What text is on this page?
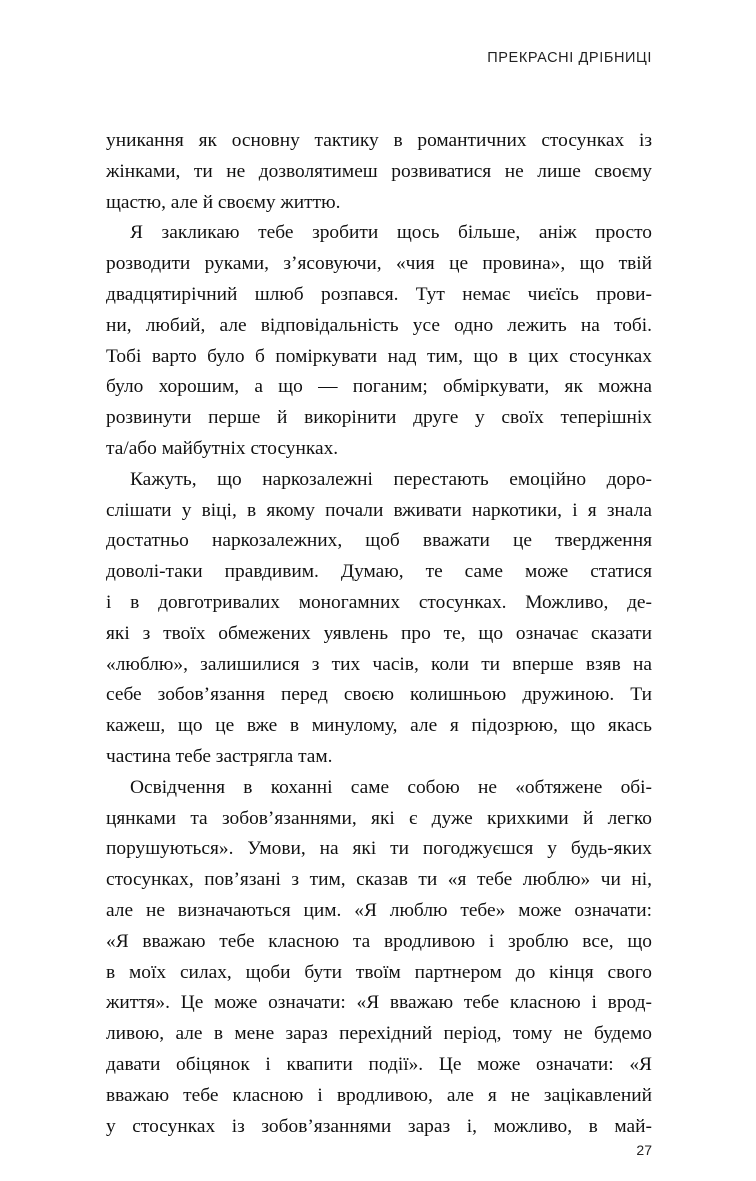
ПРЕКРАСНІ ДРІБНИЦІ
уникання як основну тактику в романтичних стосунках із
жінками, ти не дозволятимеш розвиватися не лише своєму
щастю, але й своєму життю.
Я закликаю тебе зробити щось більше, аніж просто
розводити руками, з’ясовуючи, «чия це провина», що твій
двадцятирічний шлюб розпався. Тут немає чиєїсь прови-
ни, любий, але відповідальність усе одно лежить на тобі.
Тобі варто було б поміркувати над тим, що в цих стосунках
було хорошим, а що — поганим; обміркувати, як можна
розвинути перше й викорінити друге у своїх теперішніх
та/або майбутніх стосунках.
Кажуть, що наркозалежні перестають емоційно доро-
слішати у віці, в якому почали вживати наркотики, і я знала
достатньо наркозалежних, щоб вважати це твердження
доволі-таки правдивим. Думаю, те саме може статися
і в довготривалих моногамних стосунках. Можливо, де-
які з твоїх обмежених уявлень про те, що означає сказати
«люблю», залишилися з тих часів, коли ти вперше взяв на
себе зобов’язання перед своєю колишньою дружиною. Ти
кажеш, що це вже в минулому, але я підозрюю, що якась
частина тебе застрягла там.
Освідчення в коханні саме собою не «обтяжене обі-
цянками та зобов’язаннями, які є дуже крихкими й легко
порушуються». Умови, на які ти погоджуєшся у будь-яких
стосунках, пов’язані з тим, сказав ти «я тебе люблю» чи ні,
але не визначаються цим. «Я люблю тебе» може означати:
«Я вважаю тебе класною та вродливою і зроблю все, що
в моїх силах, щоби бути твоїм партнером до кінця свого
життя». Це може означати: «Я вважаю тебе класною і врод-
ливою, але в мене зараз перехідний період, тому не будемо
давати обіцянок і квапити події». Це може означати: «Я
вважаю тебе класною і вродливою, але я не зацікавлений
у стосунках із зобов’язаннями зараз і, можливо, в май-
27
